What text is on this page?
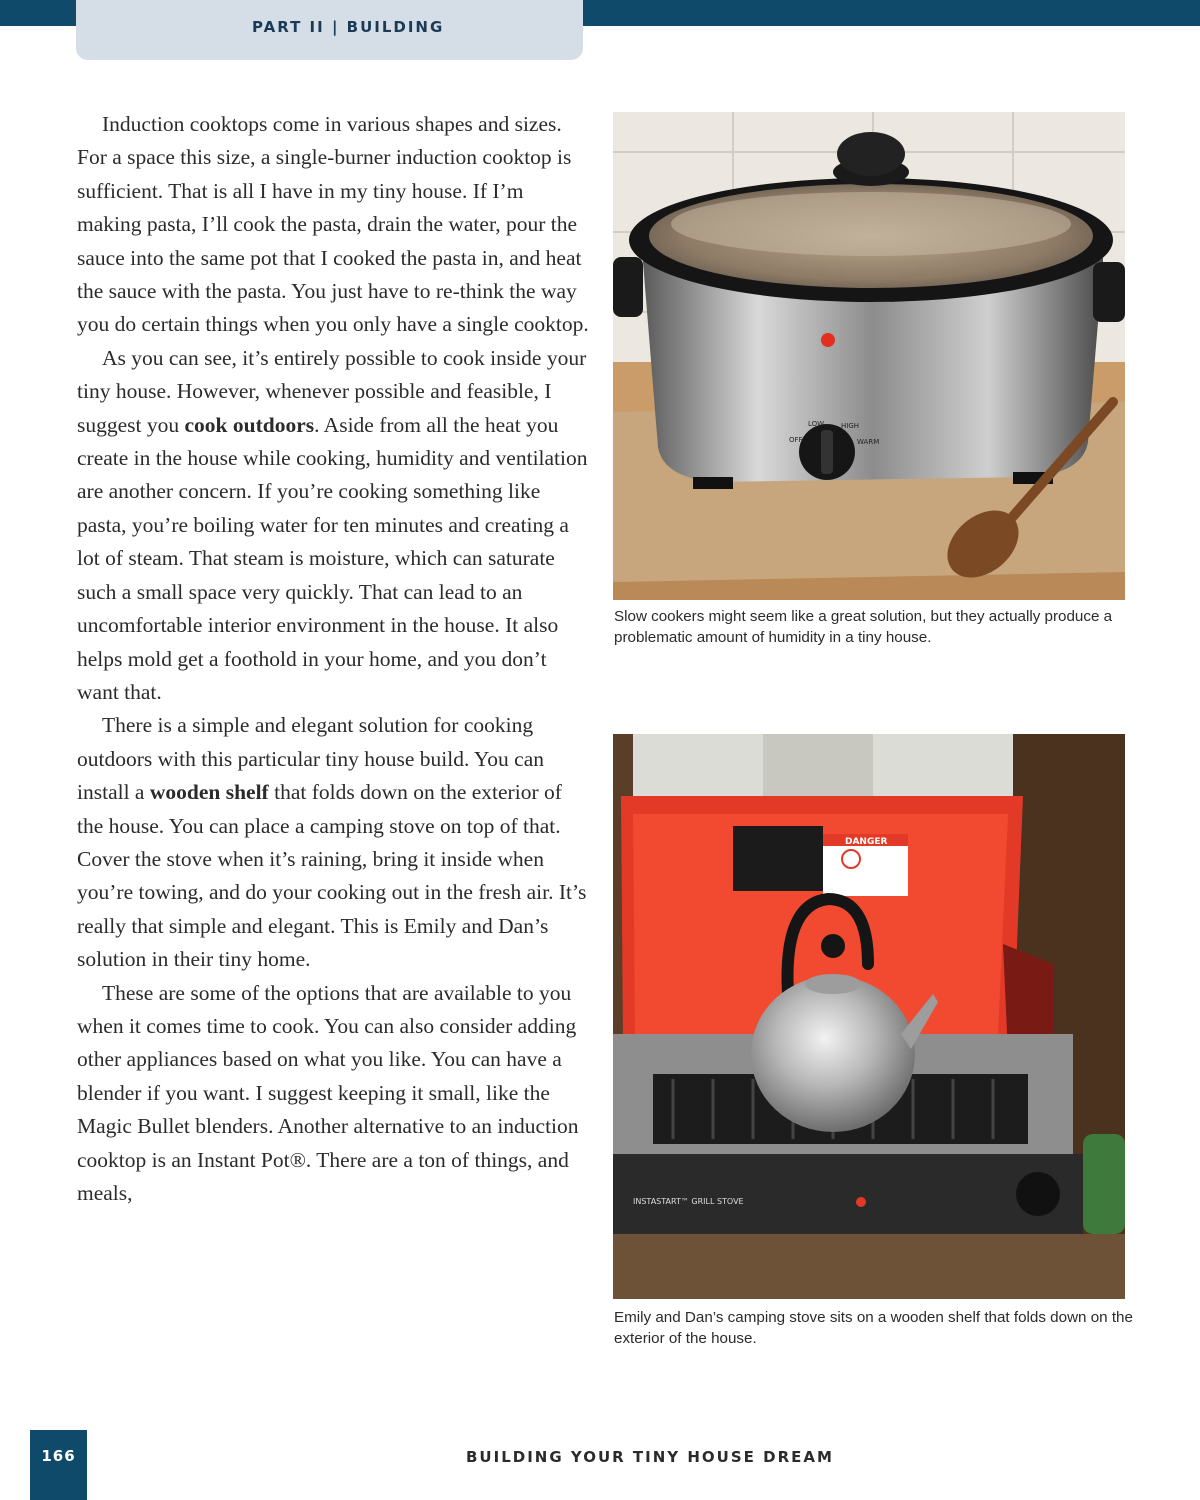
PART II | BUILDING

Induction cooktops come in various shapes and sizes. For a space this size, a single-burner induction cooktop is sufficient. That is all I have in my tiny house. If I’m making pasta, I’ll cook the pasta, drain the water, pour the sauce into the same pot that I cooked the pasta in, and heat the sauce with the pasta. You just have to re-think the way you do certain things when you only have a single cooktop.

As you can see, it’s entirely possible to cook inside your tiny house. However, whenever possible and feasible, I suggest you cook outdoors. Aside from all the heat you create in the house while cooking, humidity and ventilation are another concern. If you’re cooking something like pasta, you’re boiling water for ten minutes and creating a lot of steam. That steam is moisture, which can saturate such a small space very quickly. That can lead to an uncomfortable interior environment in the house. It also helps mold get a foothold in your home, and you don’t want that.

There is a simple and elegant solution for cooking outdoors with this particular tiny house build. You can install a wooden shelf that folds down on the exterior of the house. You can place a camping stove on top of that. Cover the stove when it’s raining, bring it inside when you’re towing, and do your cooking out in the fresh air. It’s really that simple and elegant. This is Emily and Dan’s solution in their tiny home.

These are some of the options that are available to you when it comes time to cook. You can also consider adding other appliances based on what you like. You can have a blender if you want. I suggest keeping it small, like the Magic Bullet blenders. Another alternative to an induction cooktop is an Instant Pot®. There are a ton of things, and meals,

LOW HIGH
OFF	WARM
Slow cookers might seem like a great solution, but they actually produce a problematic amount of humidity in a tiny house.
DANGER
INSTASTART™ GRILL STOVE
Emily and Dan’s camping stove sits on a wooden shelf that folds down on the exterior of the house.
166	BUILDING YOUR TINY HOUSE DREAM
